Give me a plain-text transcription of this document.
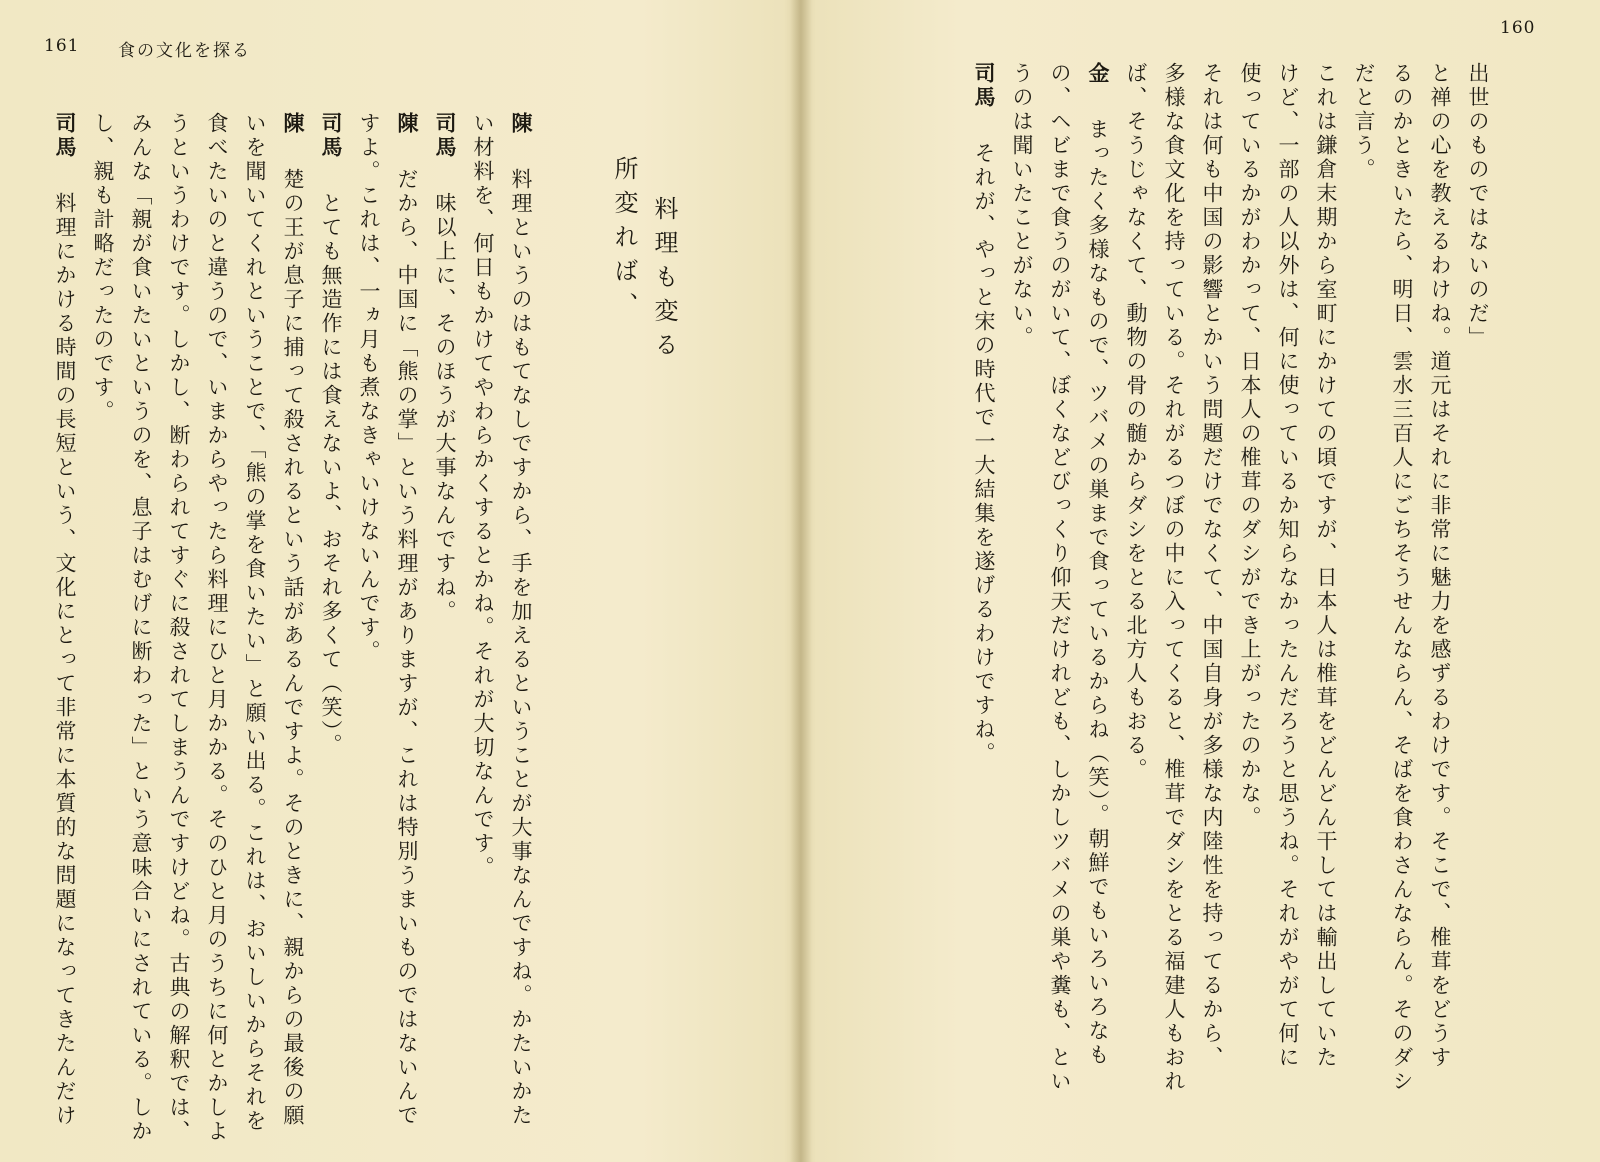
161 食の文化を探る
陳　料理というのはもてなしですから、手を加えるということが大事なんですね。かたいかた
い材料を、何日もかけてやわらかくするとかね。それが大切なんです。
司馬　味以上に、そのほうが大事なんですね。
陳　だから、中国に「熊の掌」という料理がありますが、これは特別うまいものではないんで
すよ。これは、一ヵ月も煮なきゃいけないんです。
司馬　とても無造作には食えないよ、おそれ多くて（笑）。
陳　楚の王が息子に捕って殺されるという話があるんですよ。そのときに、親からの最後の願
いを聞いてくれということで、「熊の掌を食いたい」と願い出る。これは、おいしいからそれを
食べたいのと違うので、いまからやったら料理にひと月かかる。そのひと月のうちに何とかしよ
うというわけです。しかし、断わられてすぐに殺されてしまうんですけどね。古典の解釈では、
みんな「親が食いたいというのを、息子はむげに断わった」という意味合いにされている。しか
し、親も計略だったのです。
司馬　料理にかける時間の長短という、文化にとって非常に本質的な問題になってきたんだけ	料理も変る
所変れば、
160
出世のものではないのだ」
と禅の心を教えるわけね。道元はそれに非常に魅力を感ずるわけです。そこで、椎茸をどうす
るのかときいたら、明日、雲水三百人にごちそうせんならん、そばを食わさんならん。そのダシ
だと言う。
これは鎌倉末期から室町にかけての頃ですが、日本人は椎茸をどんどん干しては輸出していた
けど、一部の人以外は、何に使っているか知らなかったんだろうと思うね。それがやがて何に
使っているかがわかって、日本人の椎茸のダシができ上がったのかな。
それは何も中国の影響とかいう問題だけでなくて、中国自身が多様な内陸性を持ってるから、
多様な食文化を持っている。それがるつぼの中に入ってくると、椎茸でダシをとる福建人もおれ
ば、そうじゃなくて、動物の骨の髄からダシをとる北方人もおる。
金　まったく多様なもので、ツバメの巣まで食っているからね（笑）。朝鮮でもいろいろなも
の、ヘビまで食うのがいて、ぼくなどびっくり仰天だけれども、しかしツバメの巣や糞も、とい
うのは聞いたことがない。
司馬　それが、やっと宋の時代で一大結集を遂げるわけですね。
